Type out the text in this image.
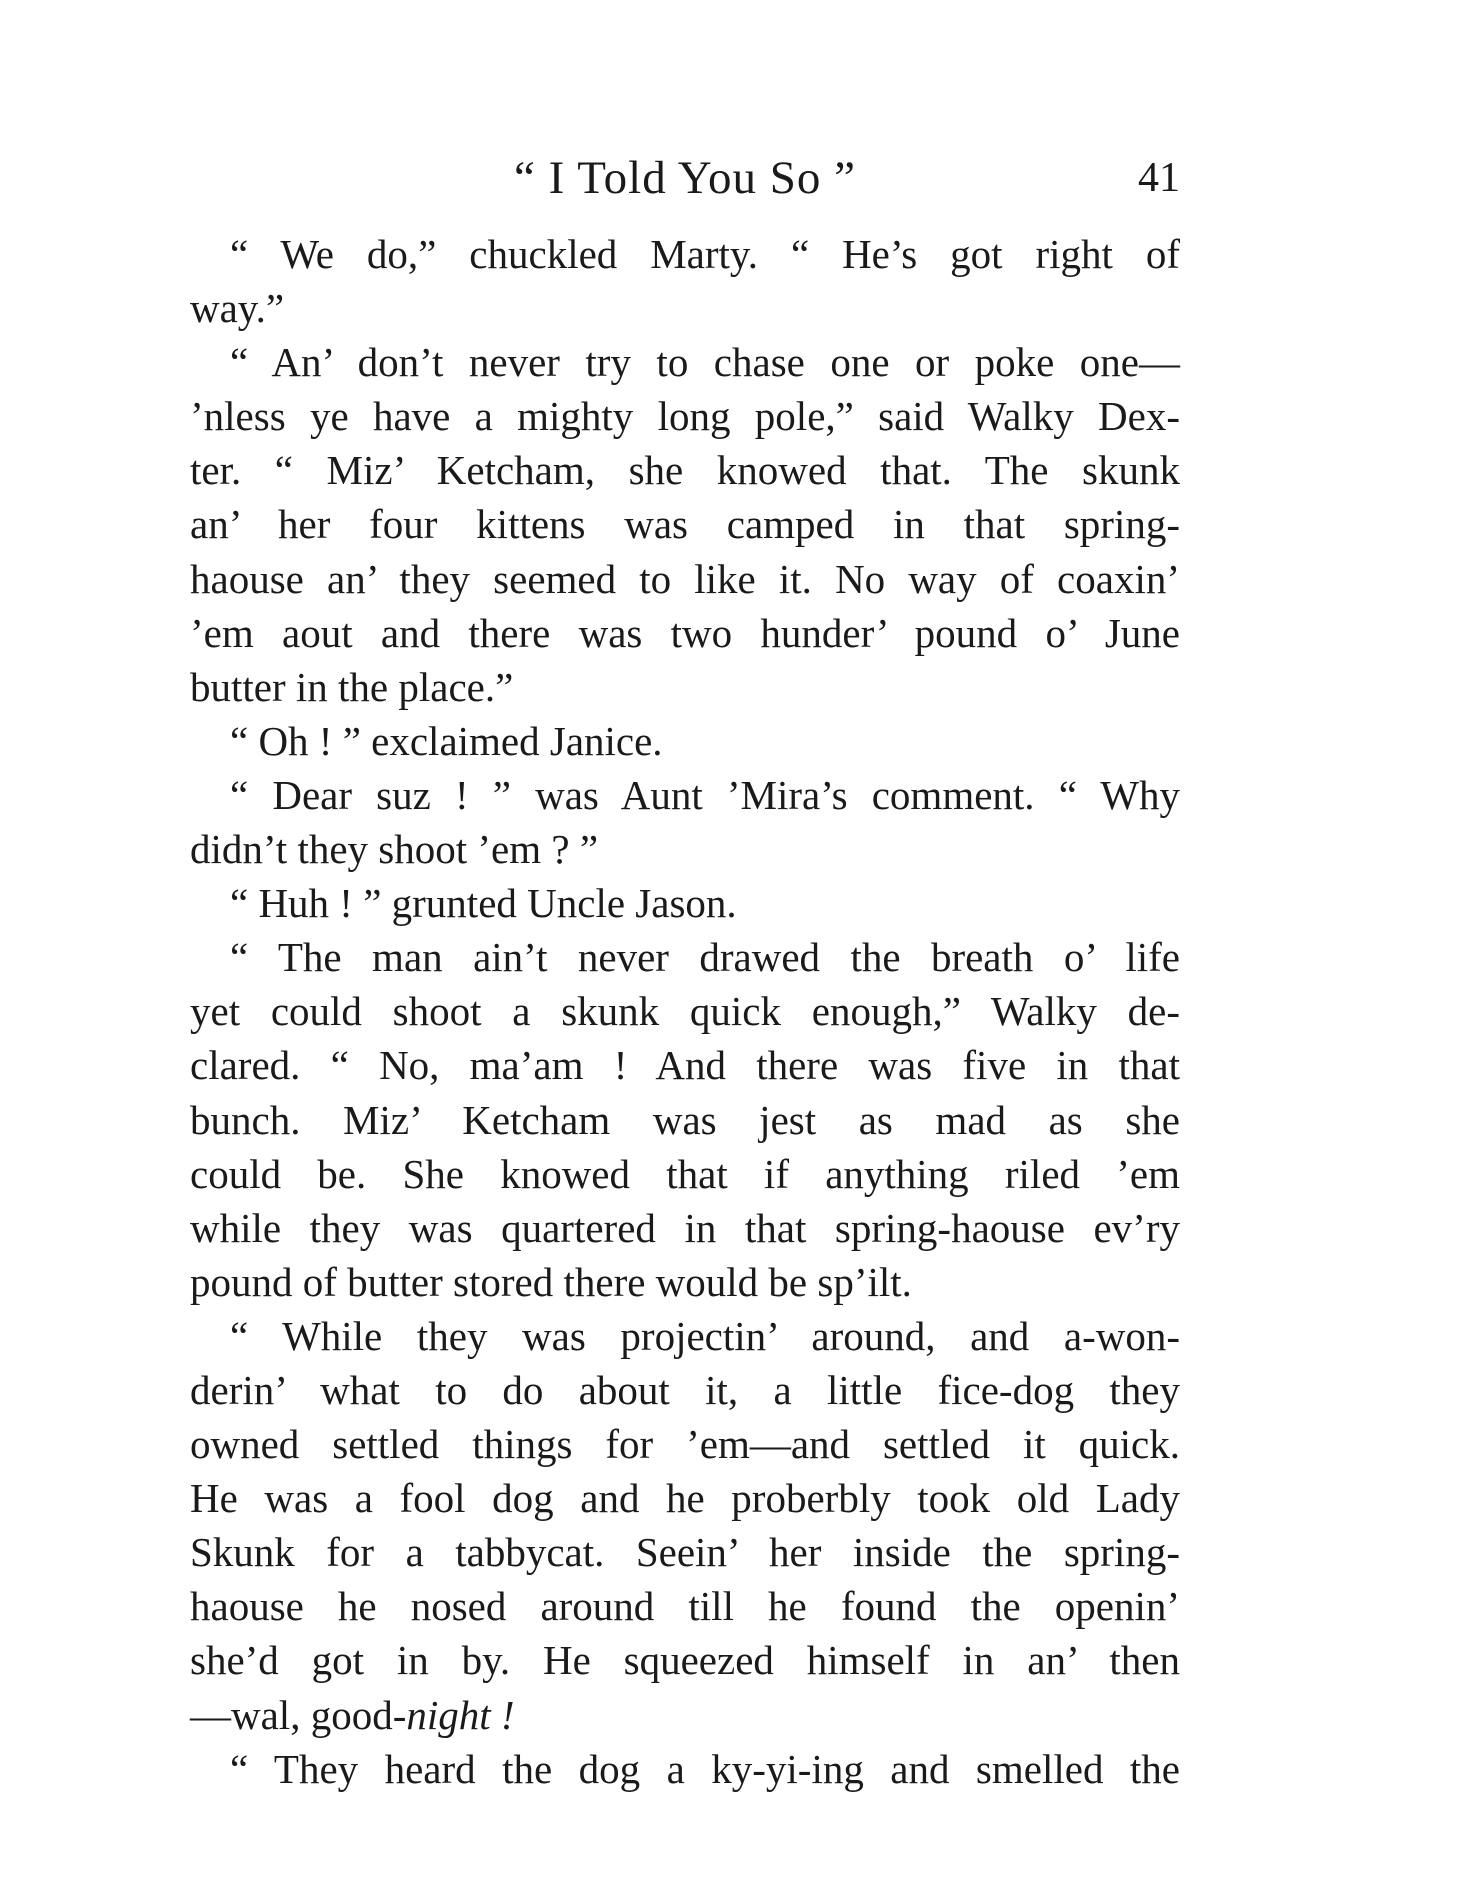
“ I Told You So ”	41
“ We do,” chuckled Marty. “ He’s got right of
way.”
“ An’ don’t never try to chase one or poke one—
’nless ye have a mighty long pole,” said Walky Dex-
ter. “ Miz’ Ketcham, she knowed that. The skunk
an’ her four kittens was camped in that spring-
haouse an’ they seemed to like it. No way of coaxin’
’em aout and there was two hunder’ pound o’ June
butter in the place.”
“ Oh ! ” exclaimed Janice.
“ Dear suz ! ” was Aunt ’Mira’s comment. “ Why
didn’t they shoot ’em ? ”
“ Huh ! ” grunted Uncle Jason.
“ The man ain’t never drawed the breath o’ life
yet could shoot a skunk quick enough,” Walky de-
clared. “ No, ma’am ! And there was five in that
bunch. Miz’ Ketcham was jest as mad as she
could be. She knowed that if anything riled ’em
while they was quartered in that spring-haouse ev’ry
pound of butter stored there would be sp’ilt.
“ While they was projectin’ around, and a-won-
derin’ what to do about it, a little fice-dog they
owned settled things for ’em—and settled it quick.
He was a fool dog and he proberbly took old Lady
Skunk for a tabbycat. Seein’ her inside the spring-
haouse he nosed around till he found the openin’
she’d got in by. He squeezed himself in an’ then
—wal, good-night !
“ They heard the dog a ky-yi-ing and smelled the
